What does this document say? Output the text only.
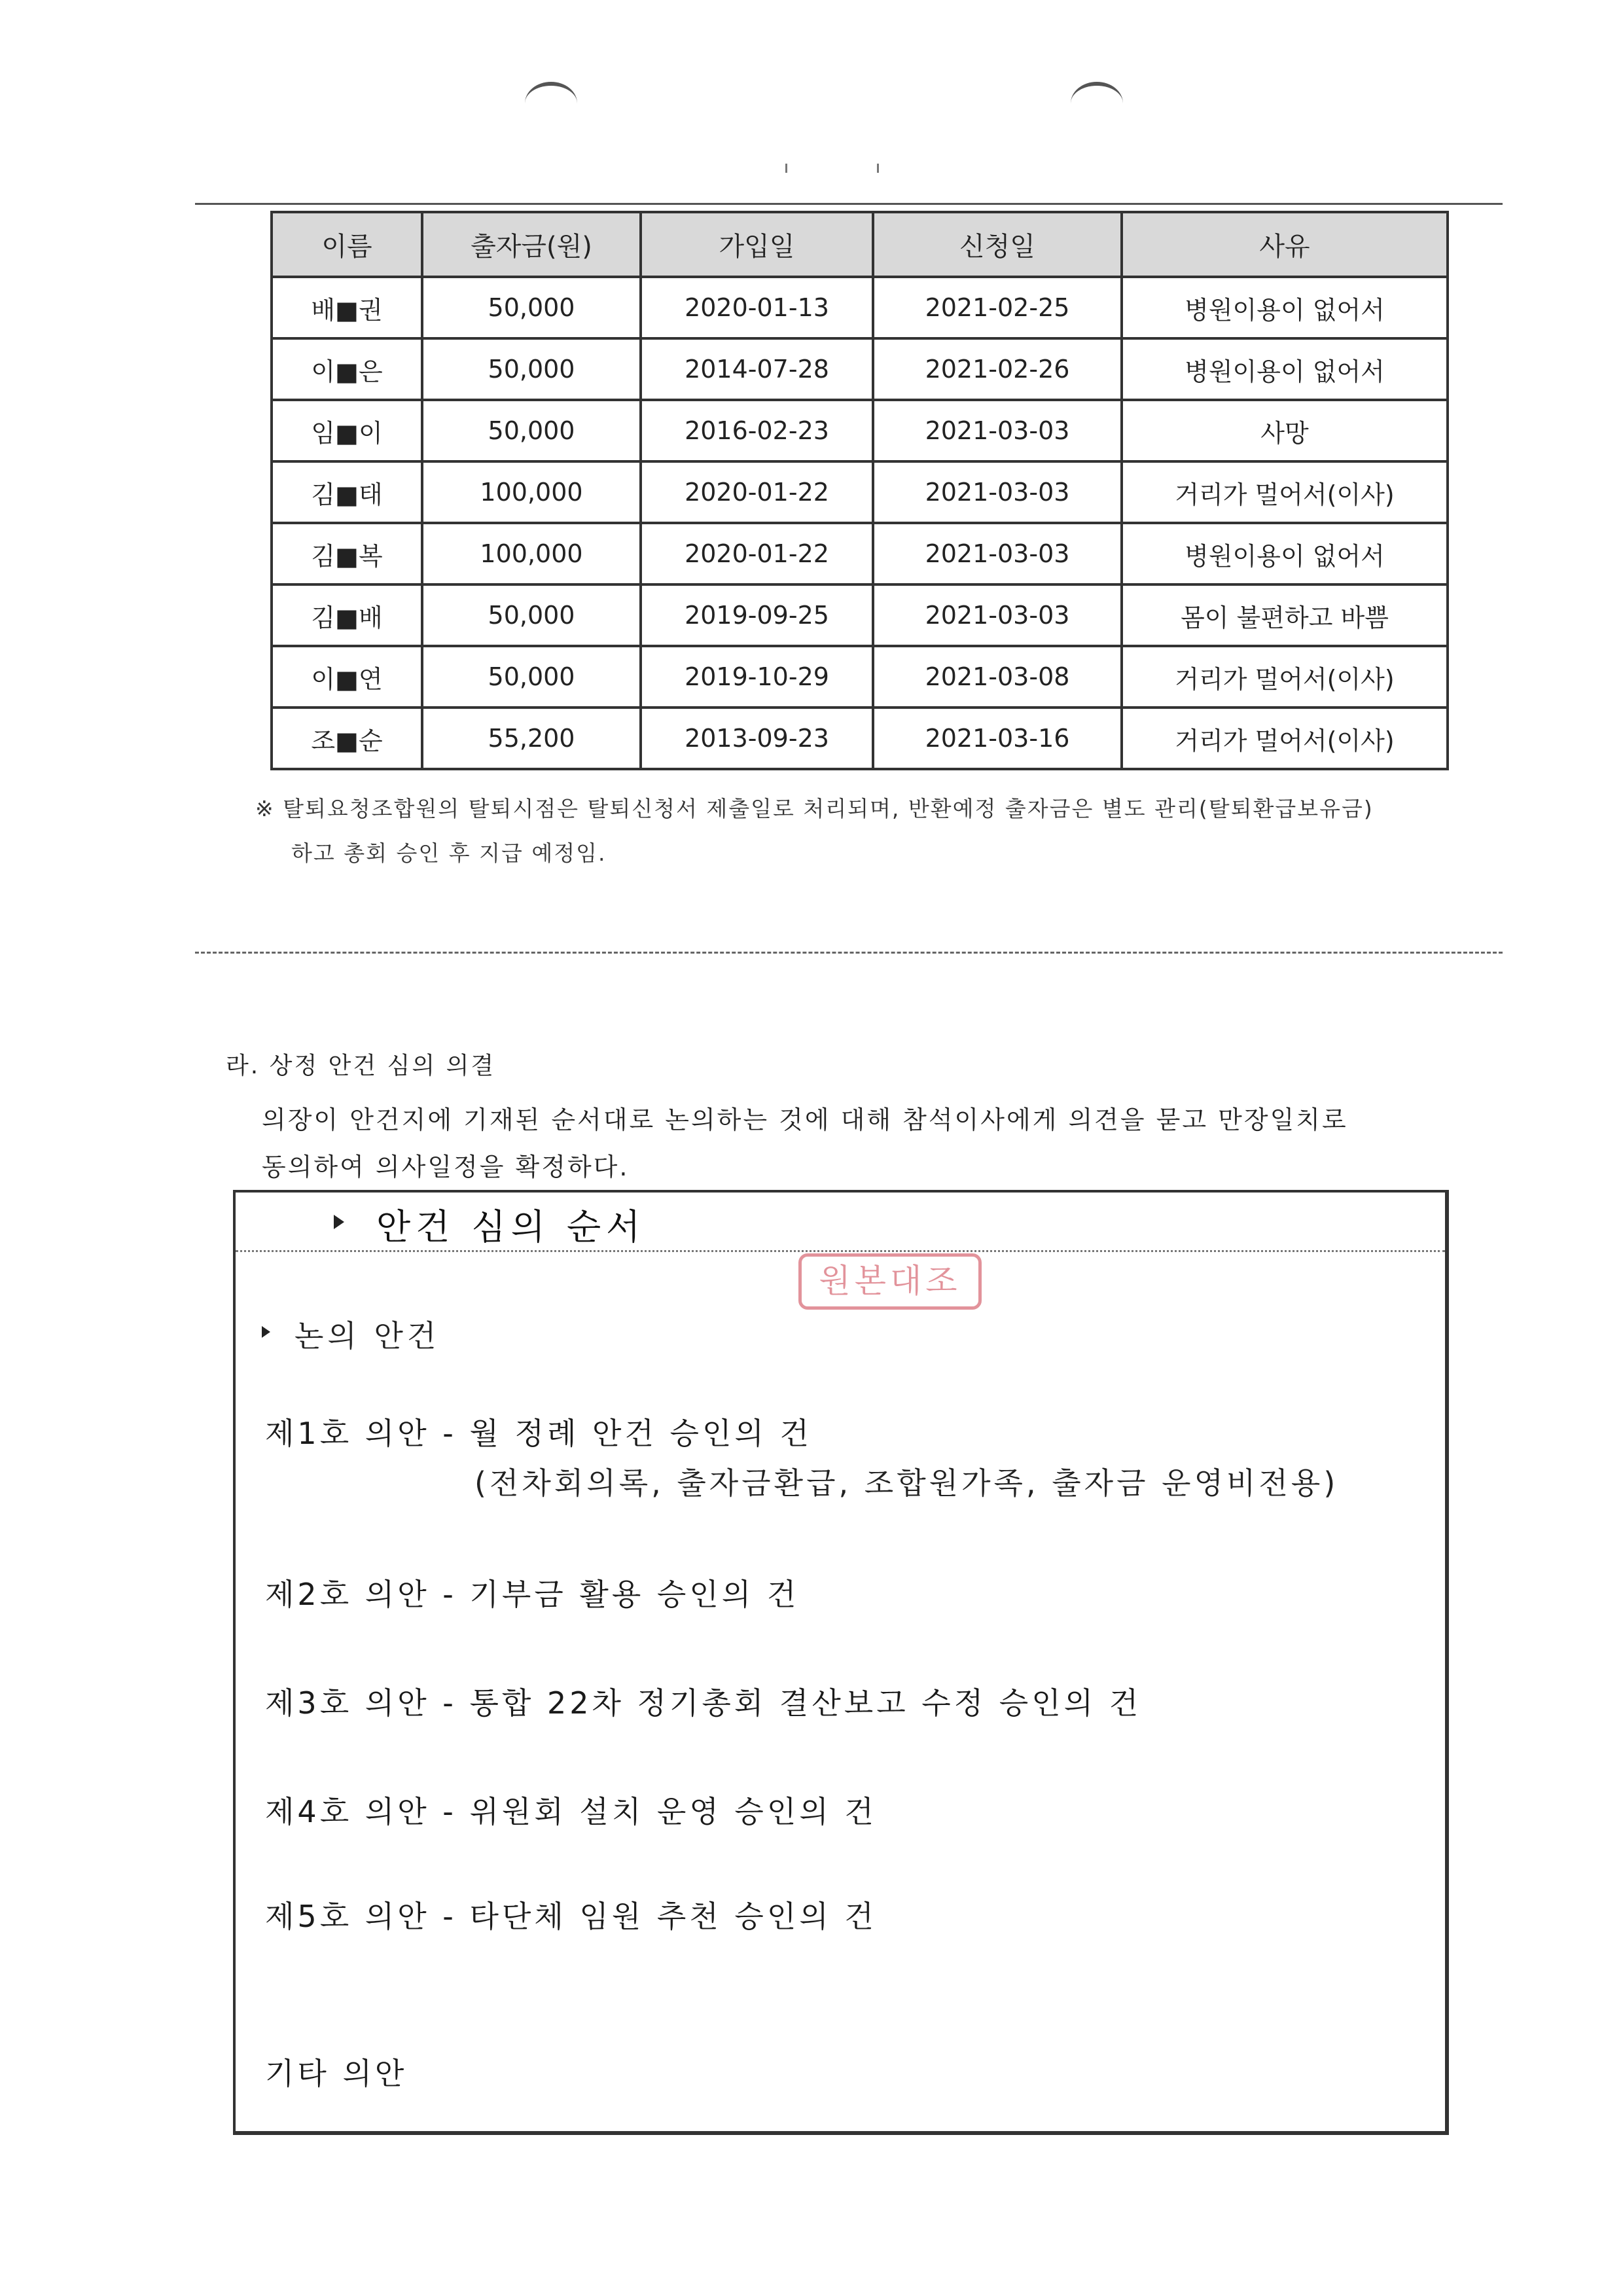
이름	출자금(원)	가입일	신청일	사유
배■권	50,000	2020-01-13	2021-02-25	병원이용이 없어서
이■은	50,000	2014-07-28	2021-02-26	병원이용이 없어서
임■이	50,000	2016-02-23	2021-03-03	사망
김■태	100,000	2020-01-22	2021-03-03	거리가 멀어서(이사)
김■복	100,000	2020-01-22	2021-03-03	병원이용이 없어서
김■배	50,000	2019-09-25	2021-03-03	몸이 불편하고 바쁨
이■연	50,000	2019-10-29	2021-03-08	거리가 멀어서(이사)
조■순	55,200	2013-09-23	2021-03-16	거리가 멀어서(이사)
※ 탈퇴요청조합원의 탈퇴시점은 탈퇴신청서 제출일로 처리되며, 반환예정 출자금은 별도 관리(탈퇴환급보유금)
하고 총회 승인 후 지급 예정임.
라. 상정 안건 심의 의결
의장이 안건지에 기재된 순서대로 논의하는 것에 대해 참석이사에게 의견을 묻고 만장일치로
동의하여 의사일정을 확정하다.
안건 심의 순서
원본대조
논의 안건
제1호 의안 - 월 정례 안건 승인의 건
(전차회의록, 출자금환급, 조합원가족, 출자금 운영비전용)
제2호 의안 - 기부금 활용 승인의 건
제3호 의안 - 통합 22차 정기총회 결산보고 수정 승인의 건
제4호 의안 - 위원회 설치 운영 승인의 건
제5호 의안 - 타단체 임원 추천 승인의 건
기타 의안
